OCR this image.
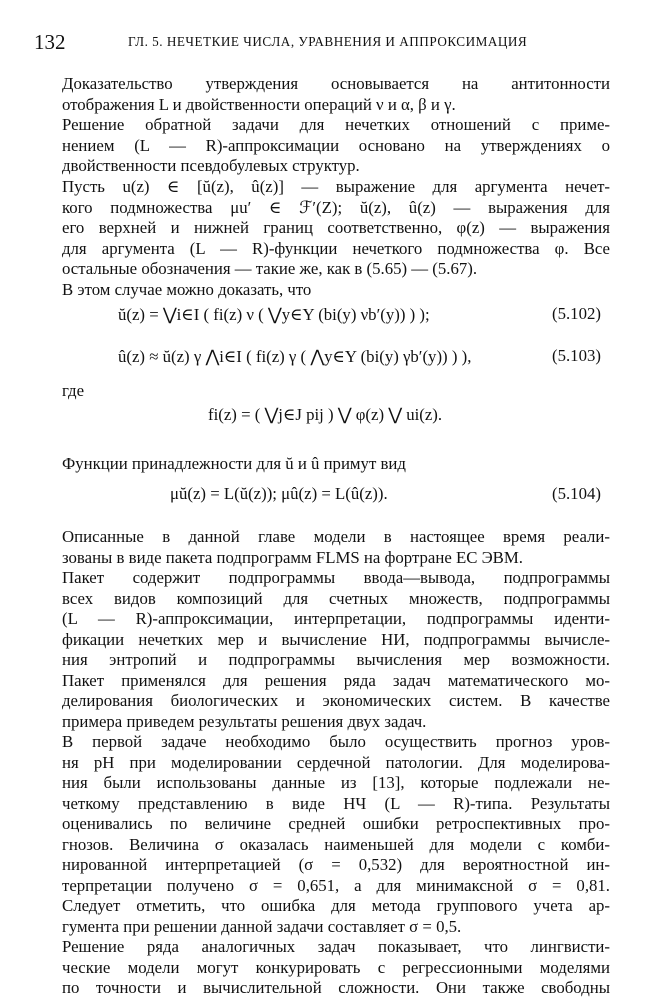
132	ГЛ. 5. НЕЧЕТКИЕ ЧИСЛА, УРАВНЕНИЯ И АППРОКСИМАЦИЯ

Доказательство утверждения основывается на антитонности

отображения L и двойственности операций ν и α, β и γ.

Решение обратной задачи для нечетких отношений с приме-

нением (L — R)-аппроксимации основано на утверждениях о

двойственности псевдобулевых структур.

Пусть u(z) ∈ [ŭ(z), û(z)] — выражение для аргумента нечет-

кого подмножества μu′ ∈ ℱ′(Z); ŭ(z), û(z) — выражения для

его верхней и нижней границ соответственно, φ(z) — выражения

для аргумента (L — R)-функции нечеткого подмножества φ. Все

остальные обозначения — такие же, как в (5.65) — (5.67).

В этом случае можно доказать, что

ŭ(z) = ⋁i∈I ( fi(z) ν ( ⋁y∈Y (bi(y) νb′(y)) ) );	(5.102)
û(z) ≈ ŭ(z) γ ⋀i∈I ( fi(z) γ ( ⋀y∈Y (bi(y) γb′(y)) ) ),	(5.103)
где
fi(z) = ( ⋁j∈J pij ) ⋁ φ(z) ⋁ ui(z).

Функции принадлежности для ŭ и û примут вид

μŭ(z) = L(ŭ(z)); μû(z) = L(û(z)).	(5.104)

Описанные в данной главе модели в настоящее время реали-

зованы в виде пакета подпрограмм FLMS на фортране ЕС ЭВМ.

Пакет содержит подпрограммы ввода—вывода, подпрограммы

всех видов композиций для счетных множеств, подпрограммы

(L — R)-аппроксимации, интерпретации, подпрограммы иденти-

фикации нечетких мер и вычисление НИ, подпрограммы вычисле-

ния энтропий и подпрограммы вычисления мер возможности.

Пакет применялся для решения ряда задач математического мо-

делирования биологических и экономических систем. В качестве

примера приведем результаты решения двух задач.

В первой задаче необходимо было осуществить прогноз уров-

ня pH при моделировании сердечной патологии. Для моделирова-

ния были использованы данные из [13], которые подлежали не-

четкому представлению в виде НЧ (L — R)-типа. Результаты

оценивались по величине средней ошибки ретроспективных про-

гнозов. Величина σ оказалась наименьшей для модели с комби-

нированной интерпретацией (σ = 0,532) для вероятностной ин-

терпретации получено σ = 0,651, а для минимаксной σ = 0,81.

Следует отметить, что ошибка для метода группового учета ар-

гумента при решении данной задачи составляет σ = 0,5.

Решение ряда аналогичных задач показывает, что лингвисти-

ческие модели могут конкурировать с регрессионными моделями

по точности и вычислительной сложности. Они также свободны
